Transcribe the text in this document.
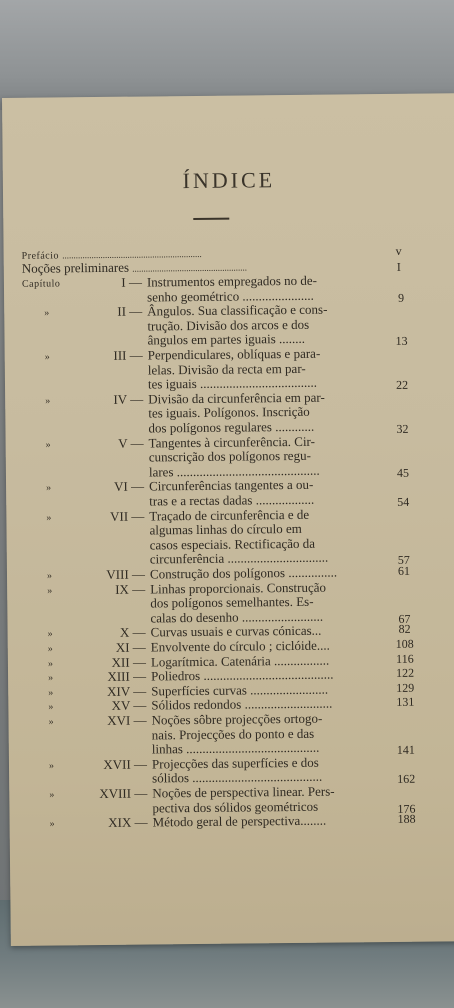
ÍNDICE
Prefácio ..............................................................	v
Noções preliminares ...................................................	I
Capítulo	I — Instrumentos empregados no de-
senho geométrico ......................	9
»	II — Ângulos. Sua classificação e cons-
trução. Divisão dos arcos e dos
ângulos em partes iguais ........	13
»	III — Perpendiculares, oblíquas e para-
lelas. Divisão da recta em par-
tes iguais ....................................	22
»	IV — Divisão da circunferência em par-
tes iguais. Polígonos. Inscrição
dos polígonos regulares ............	32
»	V — Tangentes à circunferência. Cir-
cunscrição dos polígonos regu-
lares ............................................	45
»	VI — Circunferências tangentes a ou-
tras e a rectas dadas ..................	54
»	VII — Traçado de circunferência e de
algumas linhas do círculo em
casos especiais. Rectificação da
circunferência ...............................	57
»	VIII — Construção dos polígonos ...............	61
»	IX — Linhas proporcionais. Construção
dos polígonos semelhantes. Es-
calas do desenho .........................	67
»	X — Curvas usuais e curvas cónicas...	82
»	XI — Envolvente do círculo ; ciclóide....	108
»	XII — Logarítmica. Catenária .................	116
»	XIII — Poliedros ........................................	122
»	XIV — Superfícies curvas ........................	129
»	XV — Sólidos redondos ...........................	131
»	XVI — Noções sôbre projecções ortogo-
nais. Projecções do ponto e das
linhas .........................................	141
»	XVII — Projecções das superfícies e dos
sólidos ........................................	162
»	XVIII — Noções de perspectiva linear. Pers-
pectiva dos sólidos geométricos	176
»	XIX — Método geral de perspectiva........	188
